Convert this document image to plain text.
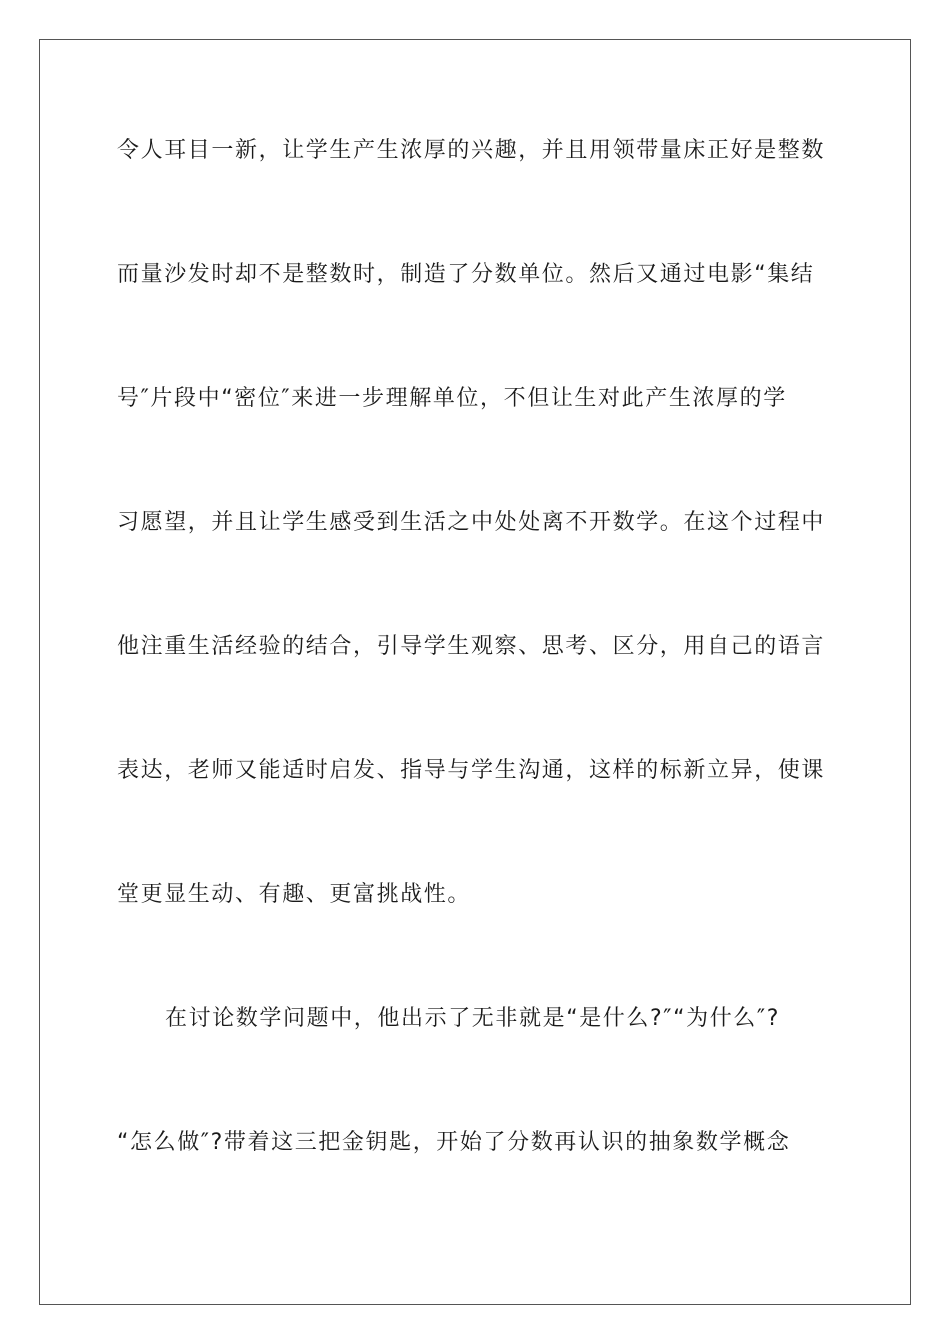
令人耳目一新，让学生产生浓厚的兴趣，并且用领带量床正好是整数
而量沙发时却不是整数时，制造了分数单位。然后又通过电影“集结
号″片段中“密位″来进一步理解单位，不但让生对此产生浓厚的学
习愿望，并且让学生感受到生活之中处处离不开数学。在这个过程中
他注重生活经验的结合，引导学生观察、思考、区分，用自己的语言
表达，老师又能适时启发、指导与学生沟通，这样的标新立异，使课
堂更显生动、有趣、更富挑战性。
在讨论数学问题中，他出示了无非就是“是什么?″“为什么″?
“怎么做″?带着这三把金钥匙，开始了分数再认识的抽象数学概念
